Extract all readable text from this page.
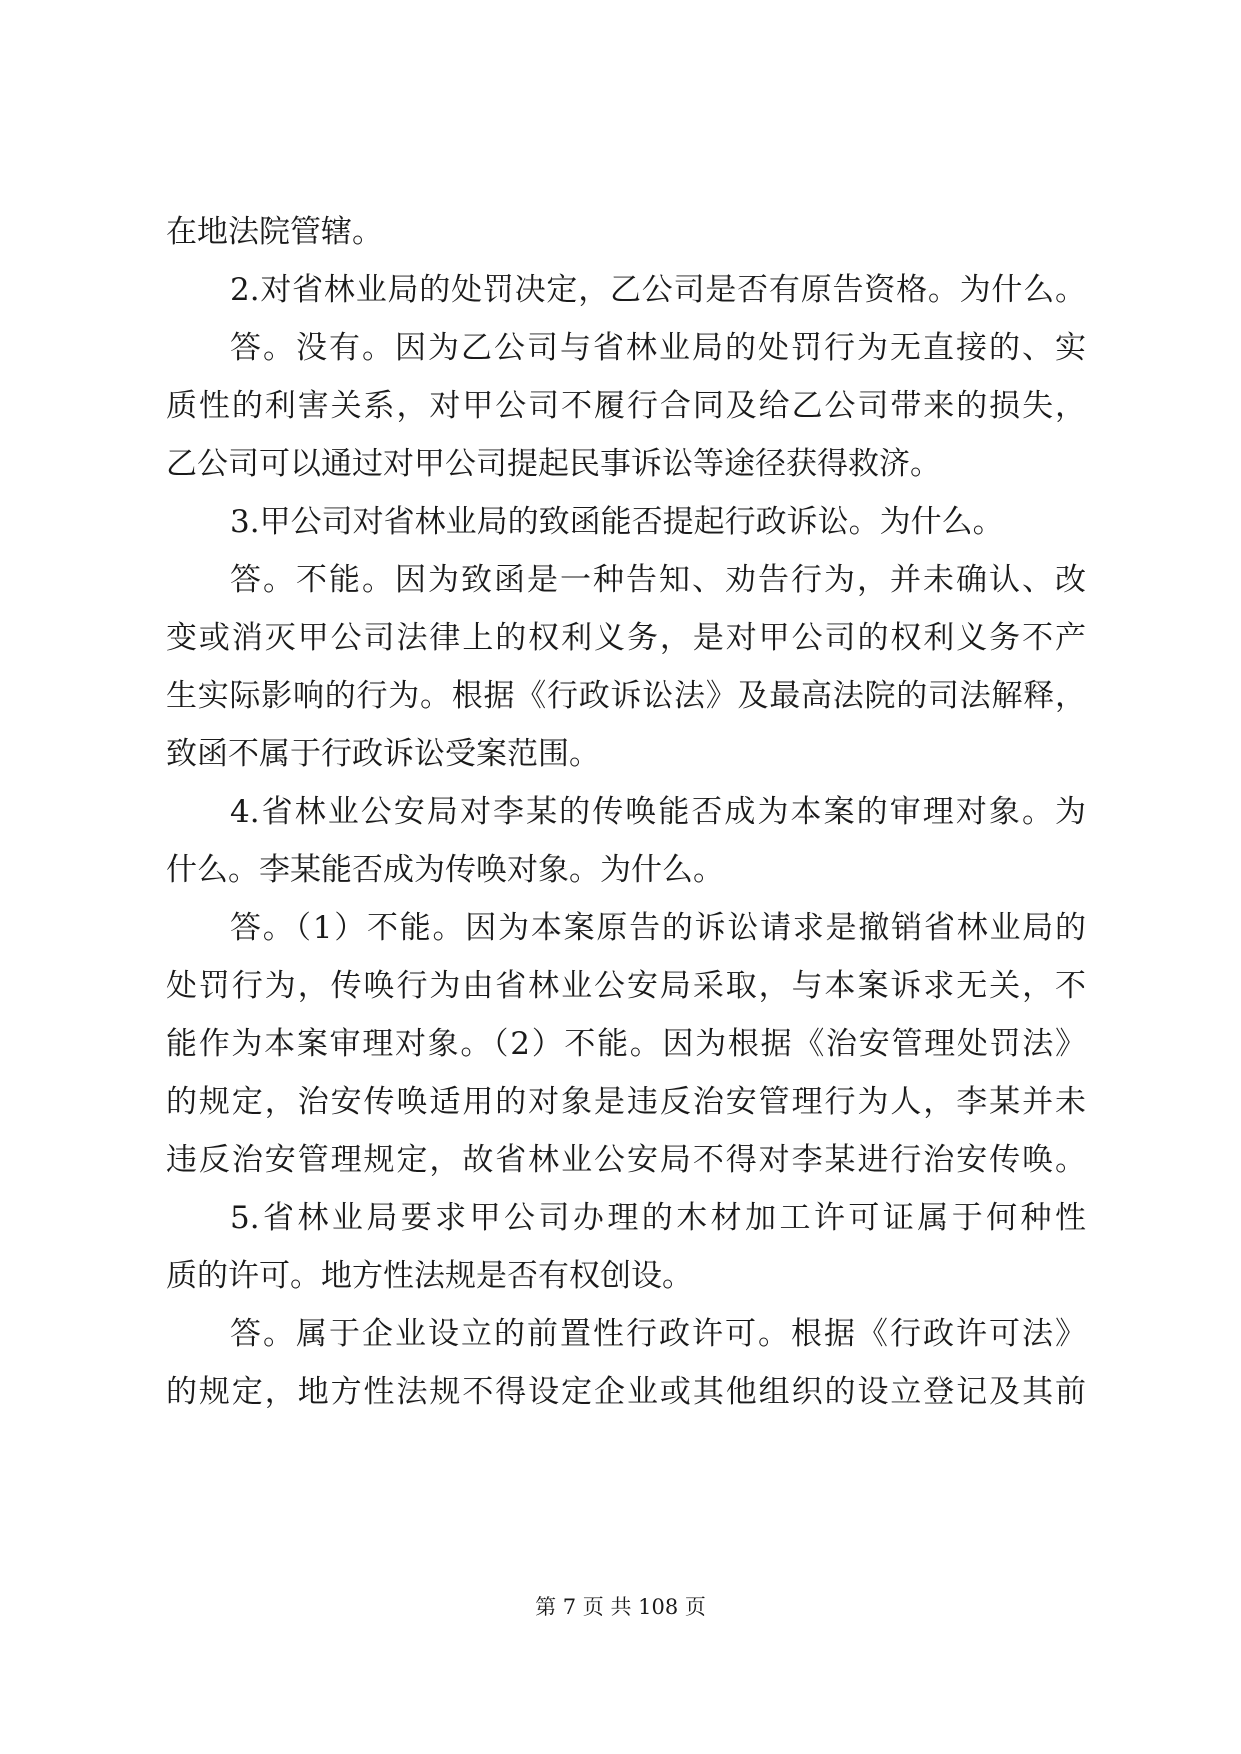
在地法院管辖。
2.对省林业局的处罚决定，乙公司是否有原告资格。为什么。
答。没有。因为乙公司与省林业局的处罚行为无直接的、实
质性的利害关系，对甲公司不履行合同及给乙公司带来的损失，
乙公司可以通过对甲公司提起民事诉讼等途径获得救济。
3.甲公司对省林业局的致函能否提起行政诉讼。为什么。
答。不能。因为致函是一种告知、劝告行为，并未确认、改
变或消灭甲公司法律上的权利义务，是对甲公司的权利义务不产
生实际影响的行为。根据《行政诉讼法》及最高法院的司法解释，
致函不属于行政诉讼受案范围。
4.省林业公安局对李某的传唤能否成为本案的审理对象。为
什么。李某能否成为传唤对象。为什么。
答。（1）不能。因为本案原告的诉讼请求是撤销省林业局的
处罚行为，传唤行为由省林业公安局采取，与本案诉求无关，不
能作为本案审理对象。（2）不能。因为根据《治安管理处罚法》
的规定，治安传唤适用的对象是违反治安管理行为人，李某并未
违反治安管理规定，故省林业公安局不得对李某进行治安传唤。
5.省林业局要求甲公司办理的木材加工许可证属于何种性
质的许可。地方性法规是否有权创设。
答。属于企业设立的前置性行政许可。根据《行政许可法》
的规定，地方性法规不得设定企业或其他组织的设立登记及其前
第 7 页 共 108 页
